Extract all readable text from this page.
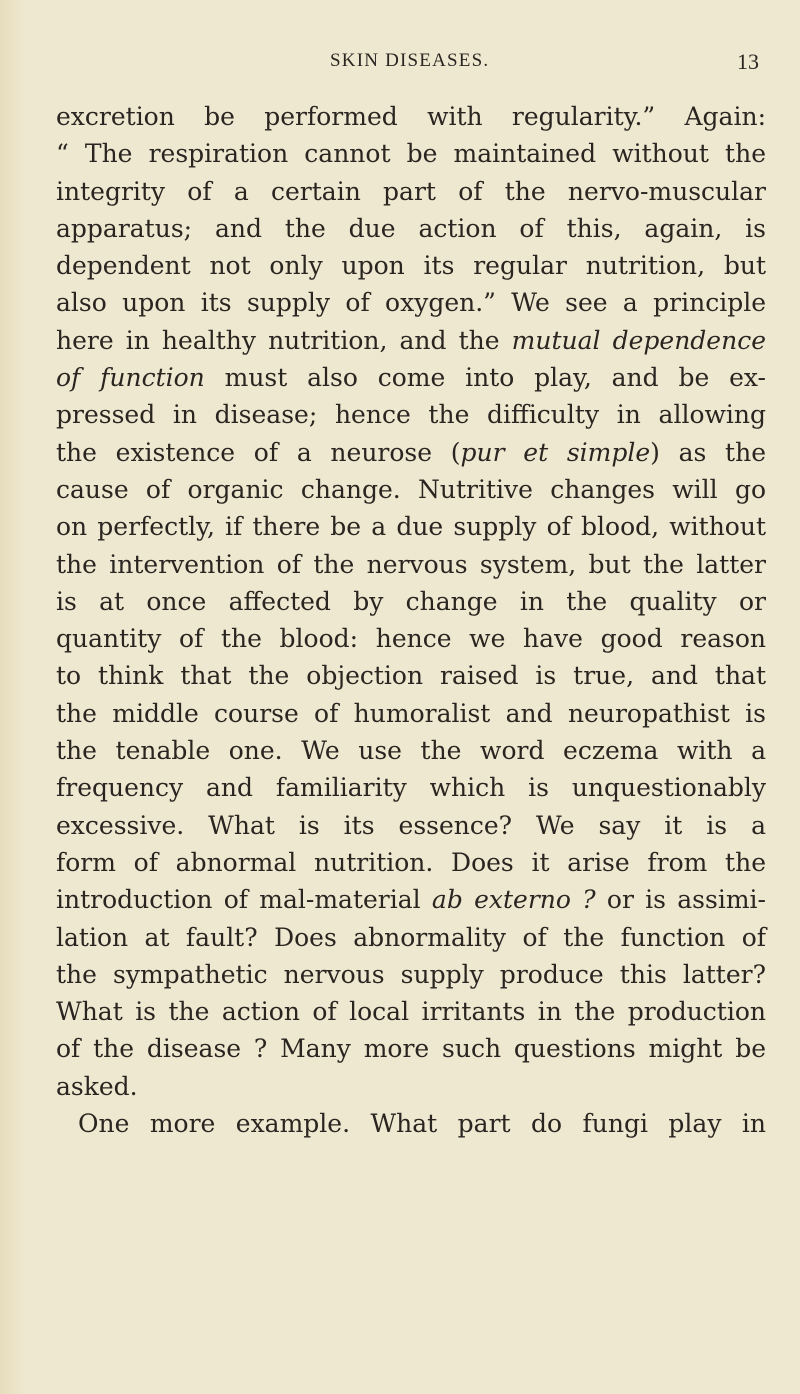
SKIN DISEASES.	13
excretion be performed with regularity.” Again:
“ The respiration cannot be maintained without the
integrity of a certain part of the nervo-muscular
apparatus; and the due action of this, again, is
dependent not only upon its regular nutrition, but
also upon its supply of oxygen.” We see a principle
here in healthy nutrition, and the mutual dependence
of function must also come into play, and be ex-
pressed in disease; hence the difficulty in allowing
the existence of a neurose (pur et simple) as the
cause of organic change. Nutritive changes will go
on perfectly, if there be a due supply of blood, without
the intervention of the nervous system, but the latter
is at once affected by change in the quality or
quantity of the blood: hence we have good reason
to think that the objection raised is true, and that
the middle course of humoralist and neuropathist is
the tenable one. We use the word eczema with a
frequency and familiarity which is unquestionably
excessive. What is its essence? We say it is a
form of abnormal nutrition. Does it arise from the
introduction of mal-material ab externo ? or is assimi-
lation at fault? Does abnormality of the function of
the sympathetic nervous supply produce this latter?
What is the action of local irritants in the production
of the disease ? Many more such questions might be
asked.
One more example. What part do fungi play in
